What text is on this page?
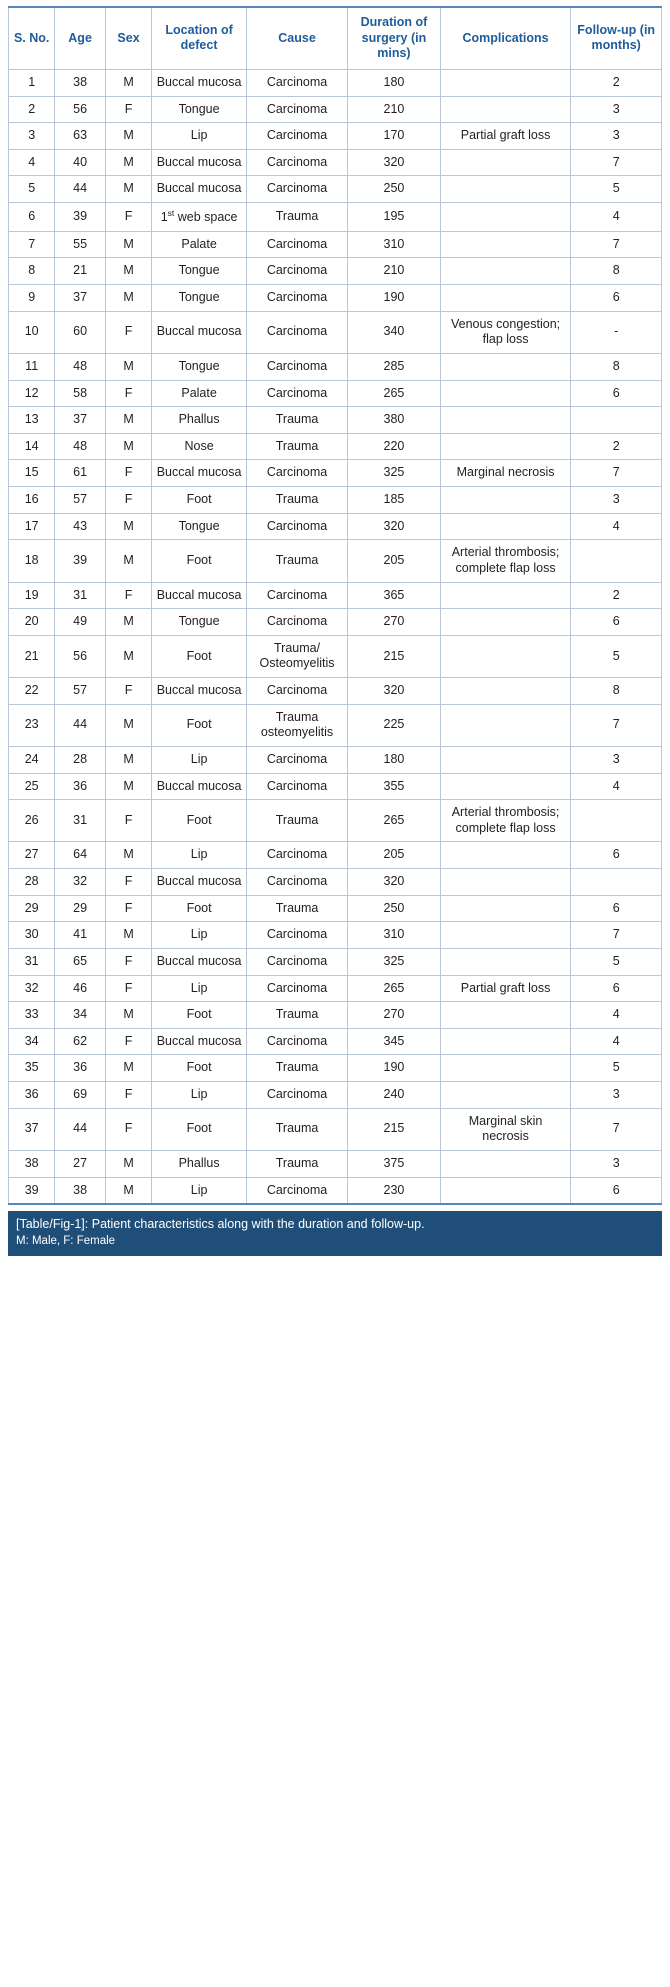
S. No.	Age	Sex	Location of defect	Cause	Duration of surgery (in mins)	Complications	Follow-up (in months)
1	38	M	Buccal mucosa	Carcinoma	180		2
2	56	F	Tongue	Carcinoma	210		3
3	63	M	Lip	Carcinoma	170	Partial graft loss	3
4	40	M	Buccal mucosa	Carcinoma	320		7
5	44	M	Buccal mucosa	Carcinoma	250		5
6	39	F	1st web space	Trauma	195		4
7	55	M	Palate	Carcinoma	310		7
8	21	M	Tongue	Carcinoma	210		8
9	37	M	Tongue	Carcinoma	190		6
10	60	F	Buccal mucosa	Carcinoma	340	Venous congestion; flap loss	-
11	48	M	Tongue	Carcinoma	285		8
12	58	F	Palate	Carcinoma	265		6
13	37	M	Phallus	Trauma	380		
14	48	M	Nose	Trauma	220		2
15	61	F	Buccal mucosa	Carcinoma	325	Marginal necrosis	7
16	57	F	Foot	Trauma	185		3
17	43	M	Tongue	Carcinoma	320		4
18	39	M	Foot	Trauma	205	Arterial thrombosis; complete flap loss	
19	31	F	Buccal mucosa	Carcinoma	365		2
20	49	M	Tongue	Carcinoma	270		6
21	56	M	Foot	Trauma/ Osteomyelitis	215		5
22	57	F	Buccal mucosa	Carcinoma	320		8
23	44	M	Foot	Trauma osteomyelitis	225		7
24	28	M	Lip	Carcinoma	180		3
25	36	M	Buccal mucosa	Carcinoma	355		4
26	31	F	Foot	Trauma	265	Arterial thrombosis; complete flap loss	
27	64	M	Lip	Carcinoma	205		6
28	32	F	Buccal mucosa	Carcinoma	320		
29	29	F	Foot	Trauma	250		6
30	41	M	Lip	Carcinoma	310		7
31	65	F	Buccal mucosa	Carcinoma	325		5
32	46	F	Lip	Carcinoma	265	Partial graft loss	6
33	34	M	Foot	Trauma	270		4
34	62	F	Buccal mucosa	Carcinoma	345		4
35	36	M	Foot	Trauma	190		5
36	69	F	Lip	Carcinoma	240		3
37	44	F	Foot	Trauma	215	Marginal skin necrosis	7
38	27	M	Phallus	Trauma	375		3
39	38	M	Lip	Carcinoma	230		6
[Table/Fig-1]: Patient characteristics along with the duration and follow-up.
M: Male, F: Female
